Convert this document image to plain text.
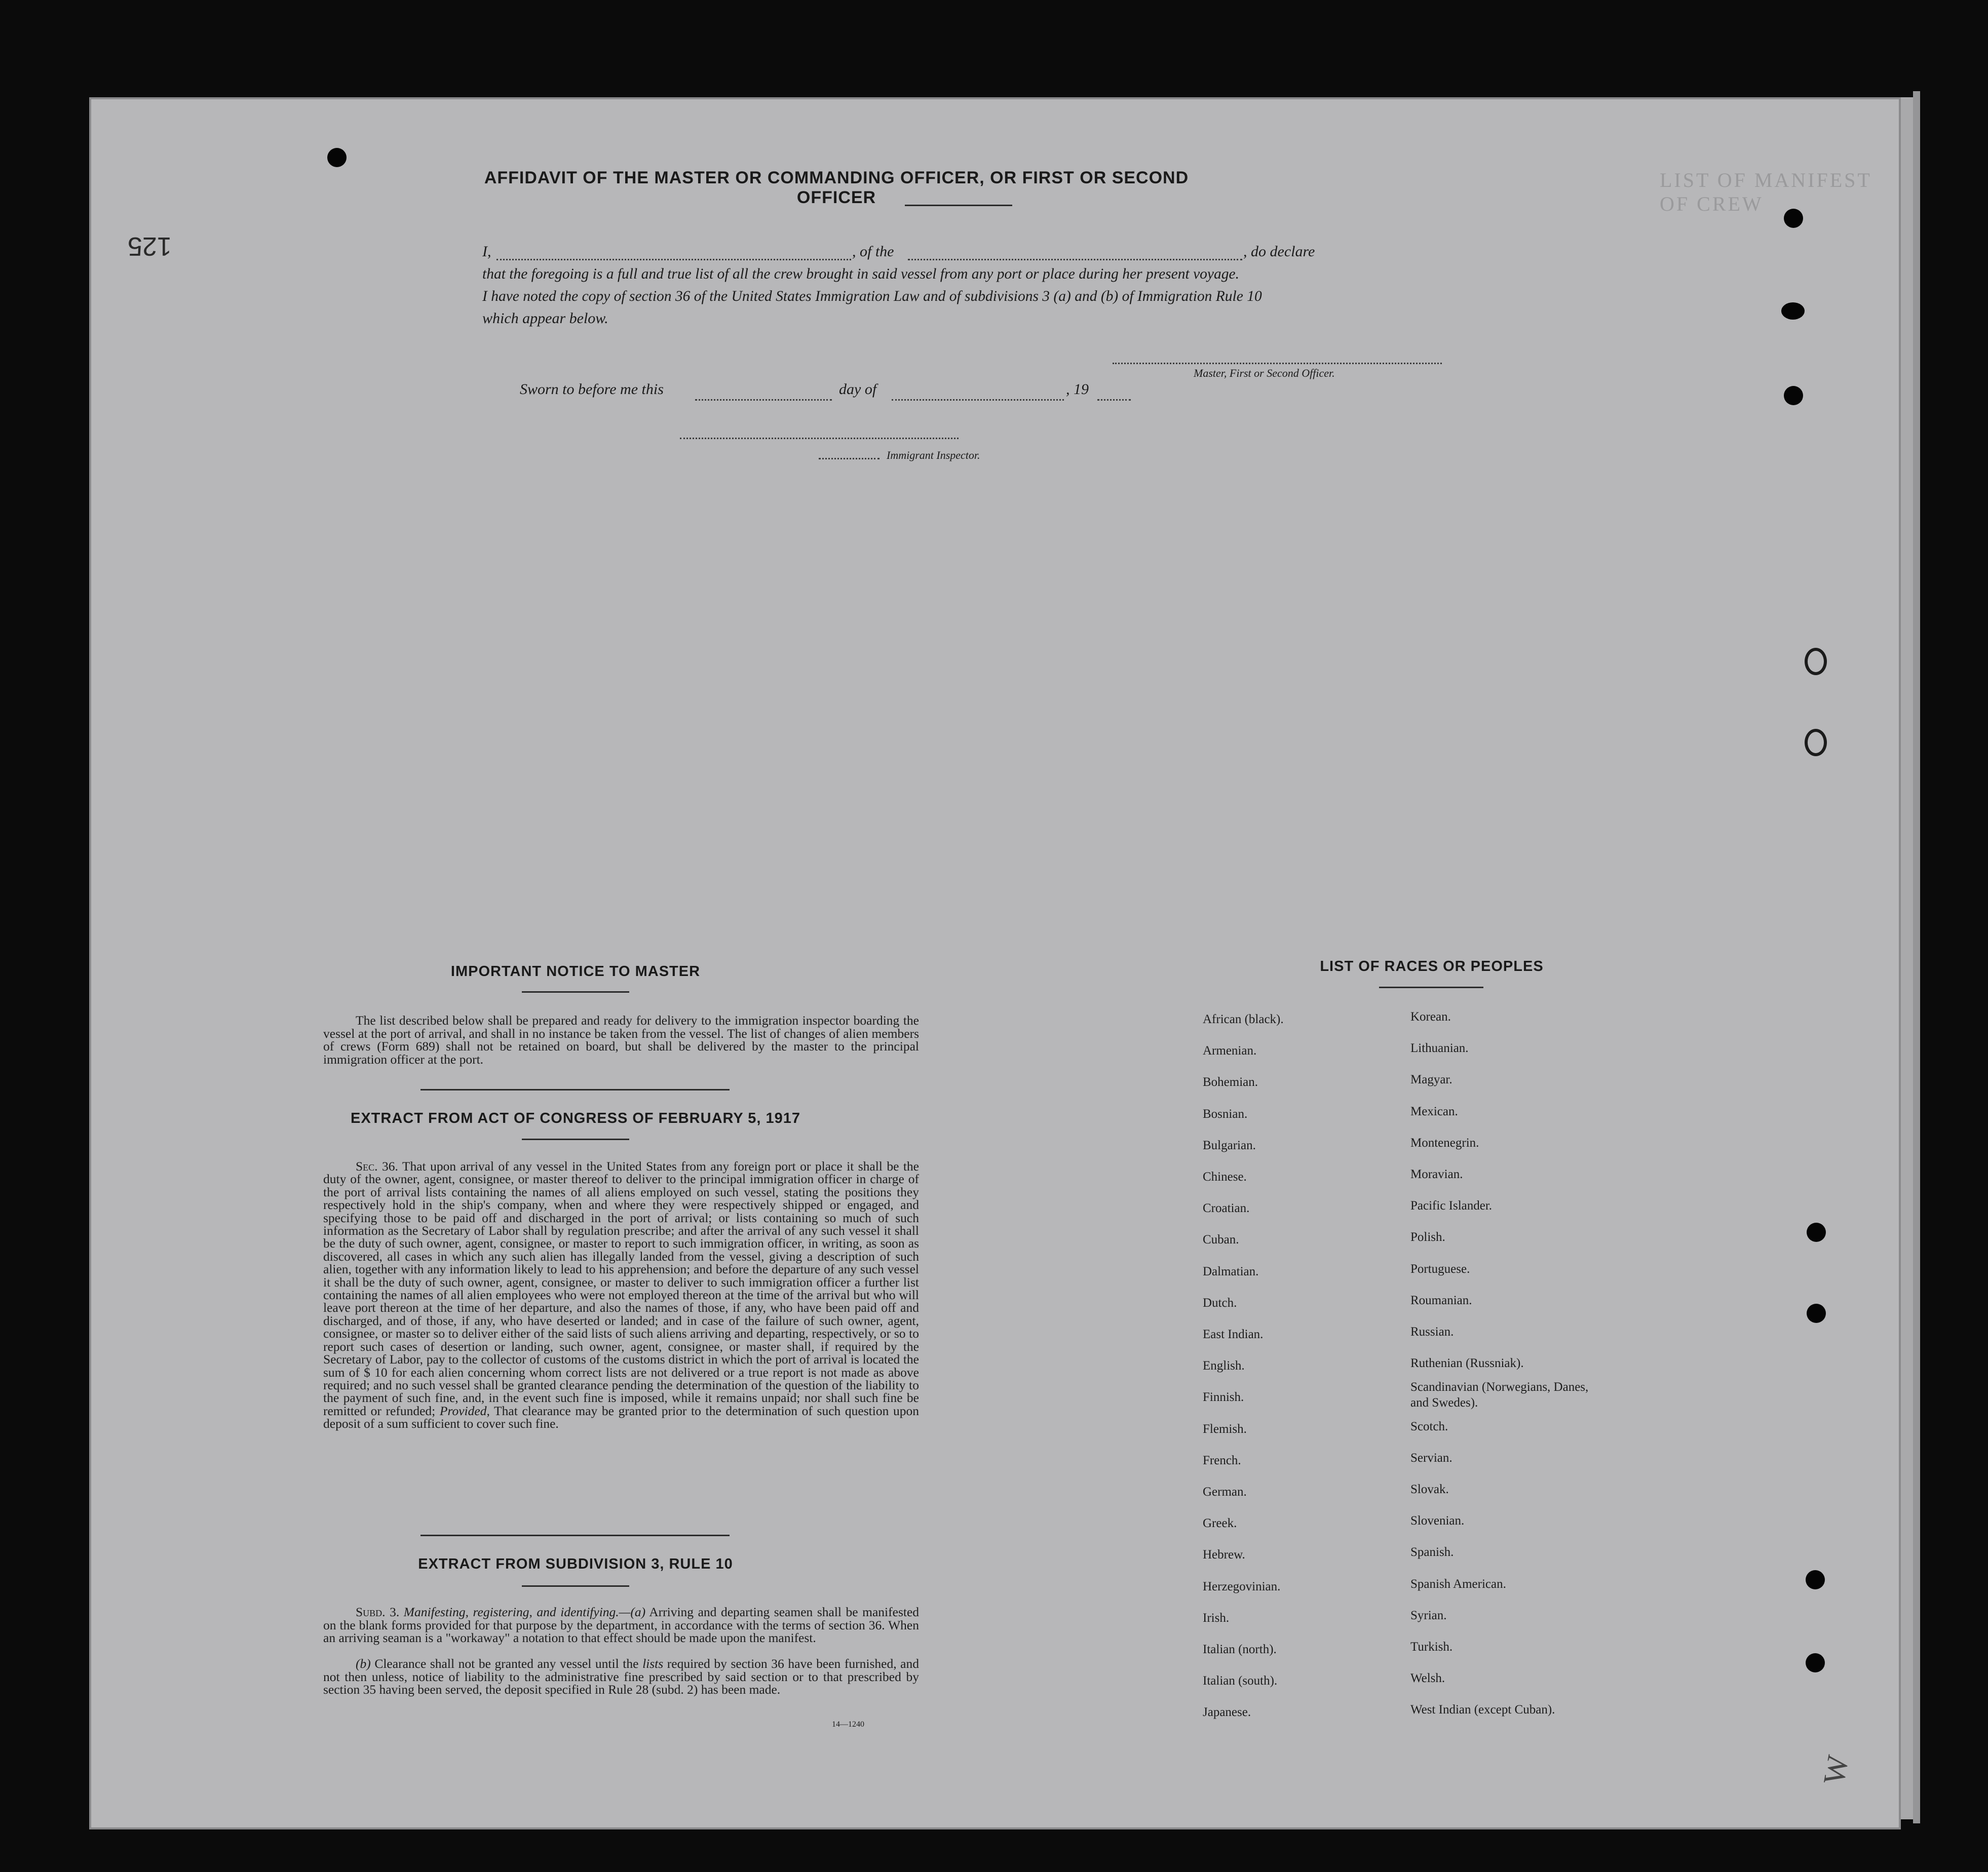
LIST OF MANIFEST OF CREW
125
W
AFFIDAVIT OF THE MASTER OR COMMANDING OFFICER, OR FIRST OR SECOND OFFICER
I,	, of the	, do declare
that the foregoing is a full and true list of all the crew brought in said vessel from any port or place during her present voyage.
I have noted the copy of section 36 of the United States Immigration Law and of subdivisions 3 (a) and (b) of Immigration Rule 10
which appear below.
Master, First or Second Officer.
Sworn to before me this	day of	, 19
Immigrant Inspector.
IMPORTANT NOTICE TO MASTER
The list described below shall be prepared and ready for delivery to the immigration inspector boarding the vessel at the port of arrival, and shall in no instance be taken from the vessel. The list of changes of alien members of crews (Form 689) shall not be retained on board, but shall be delivered by the master to the principal immigration officer at the port.
EXTRACT FROM ACT OF CONGRESS OF FEBRUARY 5, 1917
Sec. 36. That upon arrival of any vessel in the United States from any foreign port or place it shall be the duty of the owner, agent, consignee, or master thereof to deliver to the principal immigration officer in charge of the port of arrival lists containing the names of all aliens employed on such vessel, stating the positions they respectively hold in the ship's company, when and where they were respectively shipped or engaged, and specifying those to be paid off and discharged in the port of arrival; or lists containing so much of such information as the Secretary of Labor shall by regulation prescribe; and after the arrival of any such vessel it shall be the duty of such owner, agent, consignee, or master to report to such immigration officer, in writing, as soon as discovered, all cases in which any such alien has illegally landed from the vessel, giving a description of such alien, together with any information likely to lead to his apprehension; and before the departure of any such vessel it shall be the duty of such owner, agent, consignee, or master to deliver to such immigration officer a further list containing the names of all alien employees who were not employed thereon at the time of the arrival but who will leave port thereon at the time of her departure, and also the names of those, if any, who have been paid off and discharged, and of those, if any, who have deserted or landed; and in case of the failure of such owner, agent, consignee, or master so to deliver either of the said lists of such aliens arriving and departing, respectively, or so to report such cases of desertion or landing, such owner, agent, consignee, or master shall, if required by the Secretary of Labor, pay to the collector of customs of the customs district in which the port of arrival is located the sum of $ 10 for each alien concerning whom correct lists are not delivered or a true report is not made as above required; and no such vessel shall be granted clearance pending the determination of the question of the liability to the payment of such fine, and, in the event such fine is imposed, while it remains unpaid; nor shall such fine be remitted or refunded; Provided, That clearance may be granted prior to the determination of such question upon deposit of a sum sufficient to cover such fine.
EXTRACT FROM SUBDIVISION 3, RULE 10
Subd. 3. Manifesting, registering, and identifying.—(a) Arriving and departing seamen shall be manifested on the blank forms provided for that purpose by the department, in accordance with the terms of section 36. When an arriving seaman is a "workaway" a notation to that effect should be made upon the manifest.
(b) Clearance shall not be granted any vessel until the lists required by section 36 have been furnished, and not then unless, notice of liability to the administrative fine prescribed by said section or to that prescribed by section 35 having been served, the deposit specified in Rule 28 (subd. 2) has been made.
14—1240
LIST OF RACES OR PEOPLES
African (black).
Armenian.
Bohemian.
Bosnian.
Bulgarian.
Chinese.
Croatian.
Cuban.
Dalmatian.
Dutch.
East Indian.
English.
Finnish.
Flemish.
French.
German.
Greek.
Hebrew.
Herzegovinian.
Irish.
Italian (north).
Italian (south).
Japanese.
Korean.
Lithuanian.
Magyar.
Mexican.
Montenegrin.
Moravian.
Pacific Islander.
Polish.
Portuguese.
Roumanian.
Russian.
Ruthenian (Russniak).
Scandinavian (Norwegians, Danes, and Swedes).
Scotch.
Servian.
Slovak.
Slovenian.
Spanish.
Spanish American.
Syrian.
Turkish.
Welsh.
West Indian (except Cuban).
